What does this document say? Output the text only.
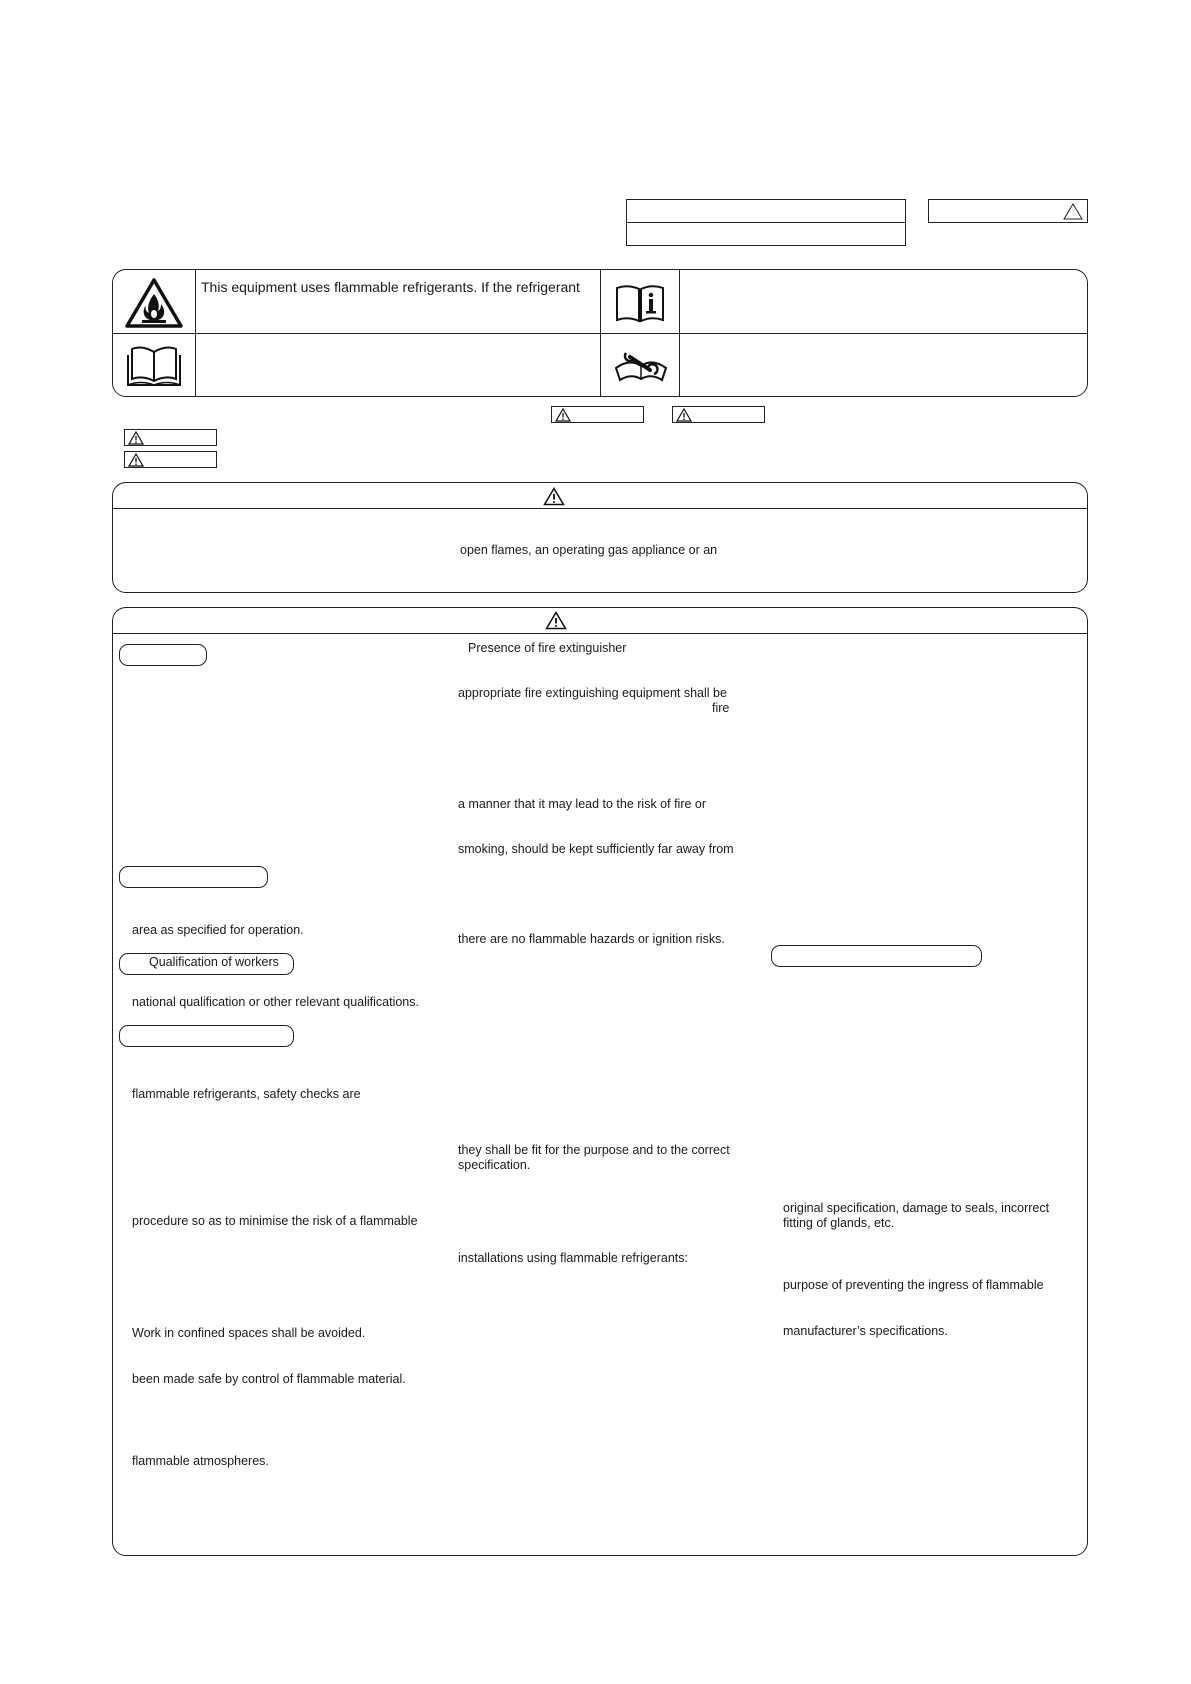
This equipment uses flammable refrigerants. If the refrigerant
open flames, an operating gas appliance or an
area as specified for operation.
Qualification of workers
national qualification or other relevant qualifications.
flammable refrigerants, safety checks are
procedure so as to minimise the risk of a flammable
Work in confined spaces shall be avoided.
been made safe by control of flammable material.
flammable atmospheres.
Presence of fire extinguisher
appropriate fire extinguishing equipment shall be
fire
a manner that it may lead to the risk of fire or
smoking, should be kept sufficiently far away from
there are no flammable hazards or ignition risks.
they shall be fit for the purpose and to the correct
specification.
installations using flammable refrigerants:
original specification, damage to seals, incorrect
fitting of glands, etc.
purpose of preventing the ingress of flammable
manufacturer’s specifications.
